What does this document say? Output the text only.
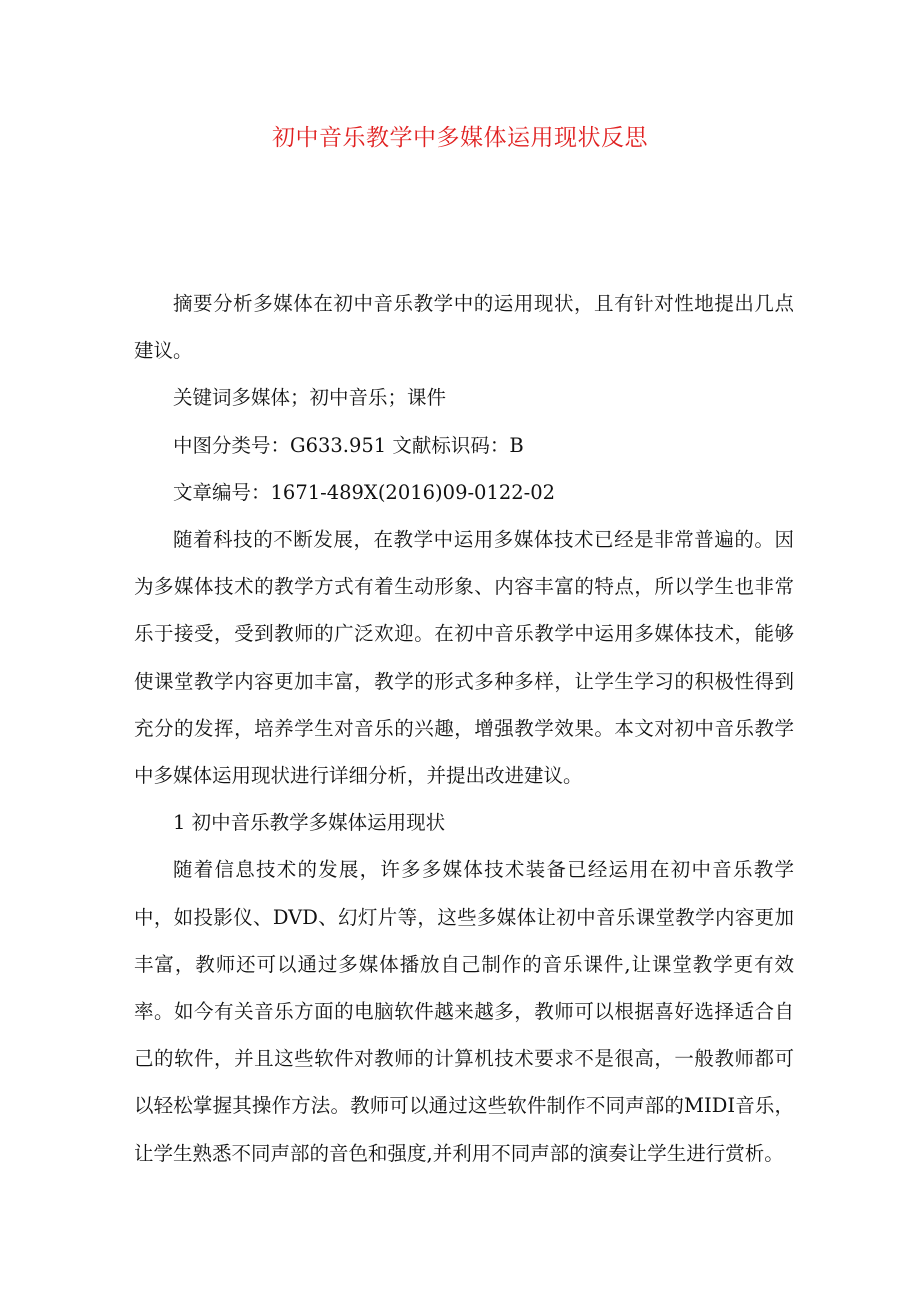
初中音乐教学中多媒体运用现状反思

摘要分析多媒体在初中音乐教学中的运用现状，且有针对性地提出几点建议。

关键词多媒体；初中音乐；课件

中图分类号：G633.951 文献标识码：B

文章编号：1671-489X(2016)09-0122-02

随着科技的不断发展，在教学中运用多媒体技术已经是非常普遍的。因为多媒体技术的教学方式有着生动形象、内容丰富的特点，所以学生也非常乐于接受，受到教师的广泛欢迎。在初中音乐教学中运用多媒体技术，能够使课堂教学内容更加丰富，教学的形式多种多样，让学生学习的积极性得到充分的发挥，培养学生对音乐的兴趣，增强教学效果。本文对初中音乐教学中多媒体运用现状进行详细分析，并提出改进建议。

1 初中音乐教学多媒体运用现状

随着信息技术的发展，许多多媒体技术装备已经运用在初中音乐教学中，如投影仪、DVD、幻灯片等，这些多媒体让初中音乐课堂教学内容更加丰富，教师还可以通过多媒体播放自己制作的音乐课件,让课堂教学更有效率。如今有关音乐方面的电脑软件越来越多，教师可以根据喜好选择适合自己的软件，并且这些软件对教师的计算机技术要求不是很高，一般教师都可以轻松掌握其操作方法。教师可以通过这些软件制作不同声部的MIDI音乐，让学生熟悉不同声部的音色和强度,并利用不同声部的演奏让学生进行赏析。
